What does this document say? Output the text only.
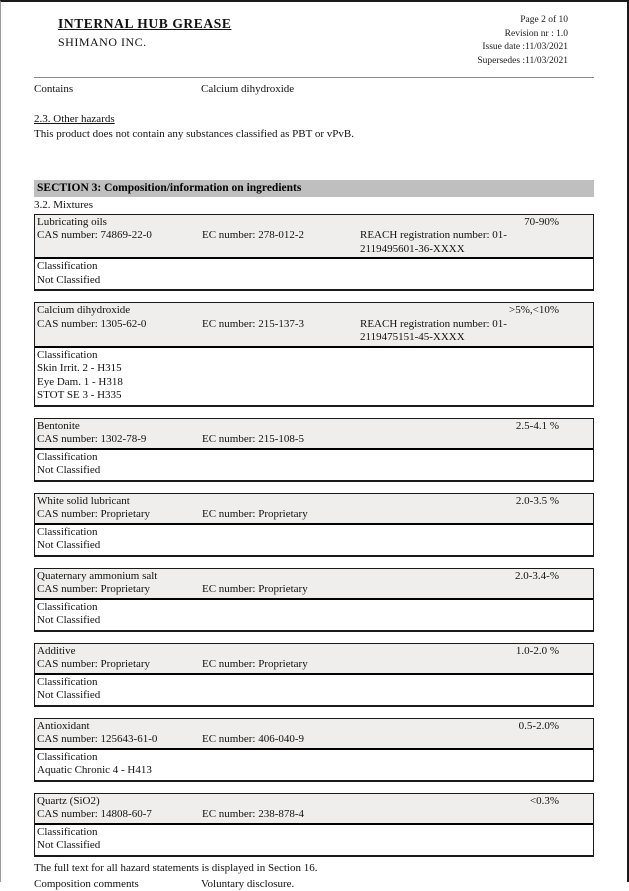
INTERNAL HUB GREASE
SHIMANO INC.
Page 2 of 10
Revision nr : 1.0
Issue date :11/03/2021
Supersedes :11/03/2021
Contains	Calcium dihydroxide
2.3. Other hazards
This product does not contain any substances classified as PBT or vPvB.
SECTION 3: Composition/information on ingredients
3.2. Mixtures
Lubricating oils	70-90%
CAS number: 74869-22-0	EC number: 278-012-2	REACH registration number: 01-
2119495601-36-XXXX
Classification
Not Classified
Calcium dihydroxide	>5%,<10%
CAS number: 1305-62-0	EC number: 215-137-3	REACH registration number: 01-
2119475151-45-XXXX
Classification
Skin Irrit. 2 - H315
Eye Dam. 1 - H318
STOT SE 3 - H335
Bentonite	2.5-4.1 %
CAS number: 1302-78-9	EC number: 215-108-5
Classification
Not Classified
White solid lubricant	2.0-3.5 %
CAS number: Proprietary	EC number: Proprietary
Classification
Not Classified
Quaternary ammonium salt	2.0-3.4-%
CAS number: Proprietary	EC number: Proprietary
Classification
Not Classified
Additive	1.0-2.0 %
CAS number: Proprietary	EC number: Proprietary
Classification
Not Classified
Antioxidant	0.5-2.0%
CAS number: 125643-61-0	EC number: 406-040-9
Classification
Aquatic Chronic 4 - H413
Quartz (SiO2)	<0.3%
CAS number: 14808-60-7	EC number: 238-878-4
Classification
Not Classified
The full text for all hazard statements is displayed in Section 16.
Composition comments	Voluntary disclosure.
